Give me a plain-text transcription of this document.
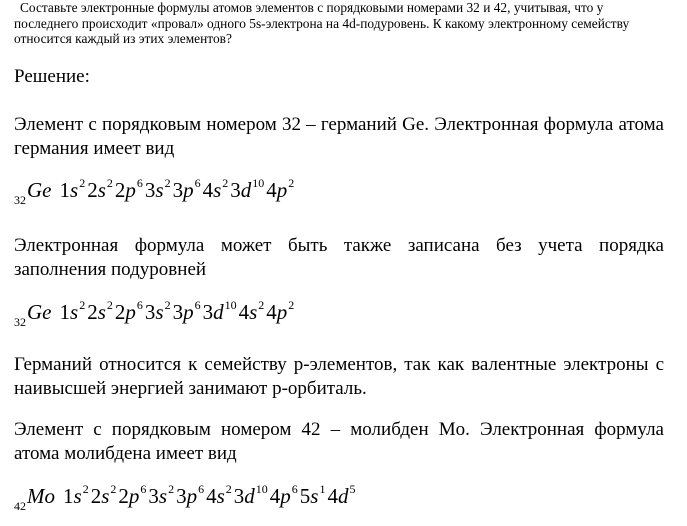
Составьте электронные формулы атомов элементов с порядковыми номерами 32 и 42, учитывая, что у
последнего происходит «провал» одного 5s-электрона на 4d-подуровень. К какому электронному семейству
относится каждый из этих элементов?
Решение:
Элемент с порядковым номером 32 – германий Ge. Электронная формула атома германия имеет вид
$_{32}$Ge $1s^22s^22p^63s^23p^64s^23d^{10}4p^2$
Электронная формула может быть также записана без учета порядка заполнения подуровней
$_{32}$Ge $1s^22s^22p^63s^23p^63d^{10}4s^24p^2$
Германий относится к семейству p-элементов, так как валентные электроны с наивысшей энергией занимают p-орбиталь.
Элемент с порядковым номером 42 – молибден Mo. Электронная формула атома молибдена имеет вид
$_{42}$Mo $1s^22s^22p^63s^23p^64s^23d^{10}4p^65s^14d^5$
